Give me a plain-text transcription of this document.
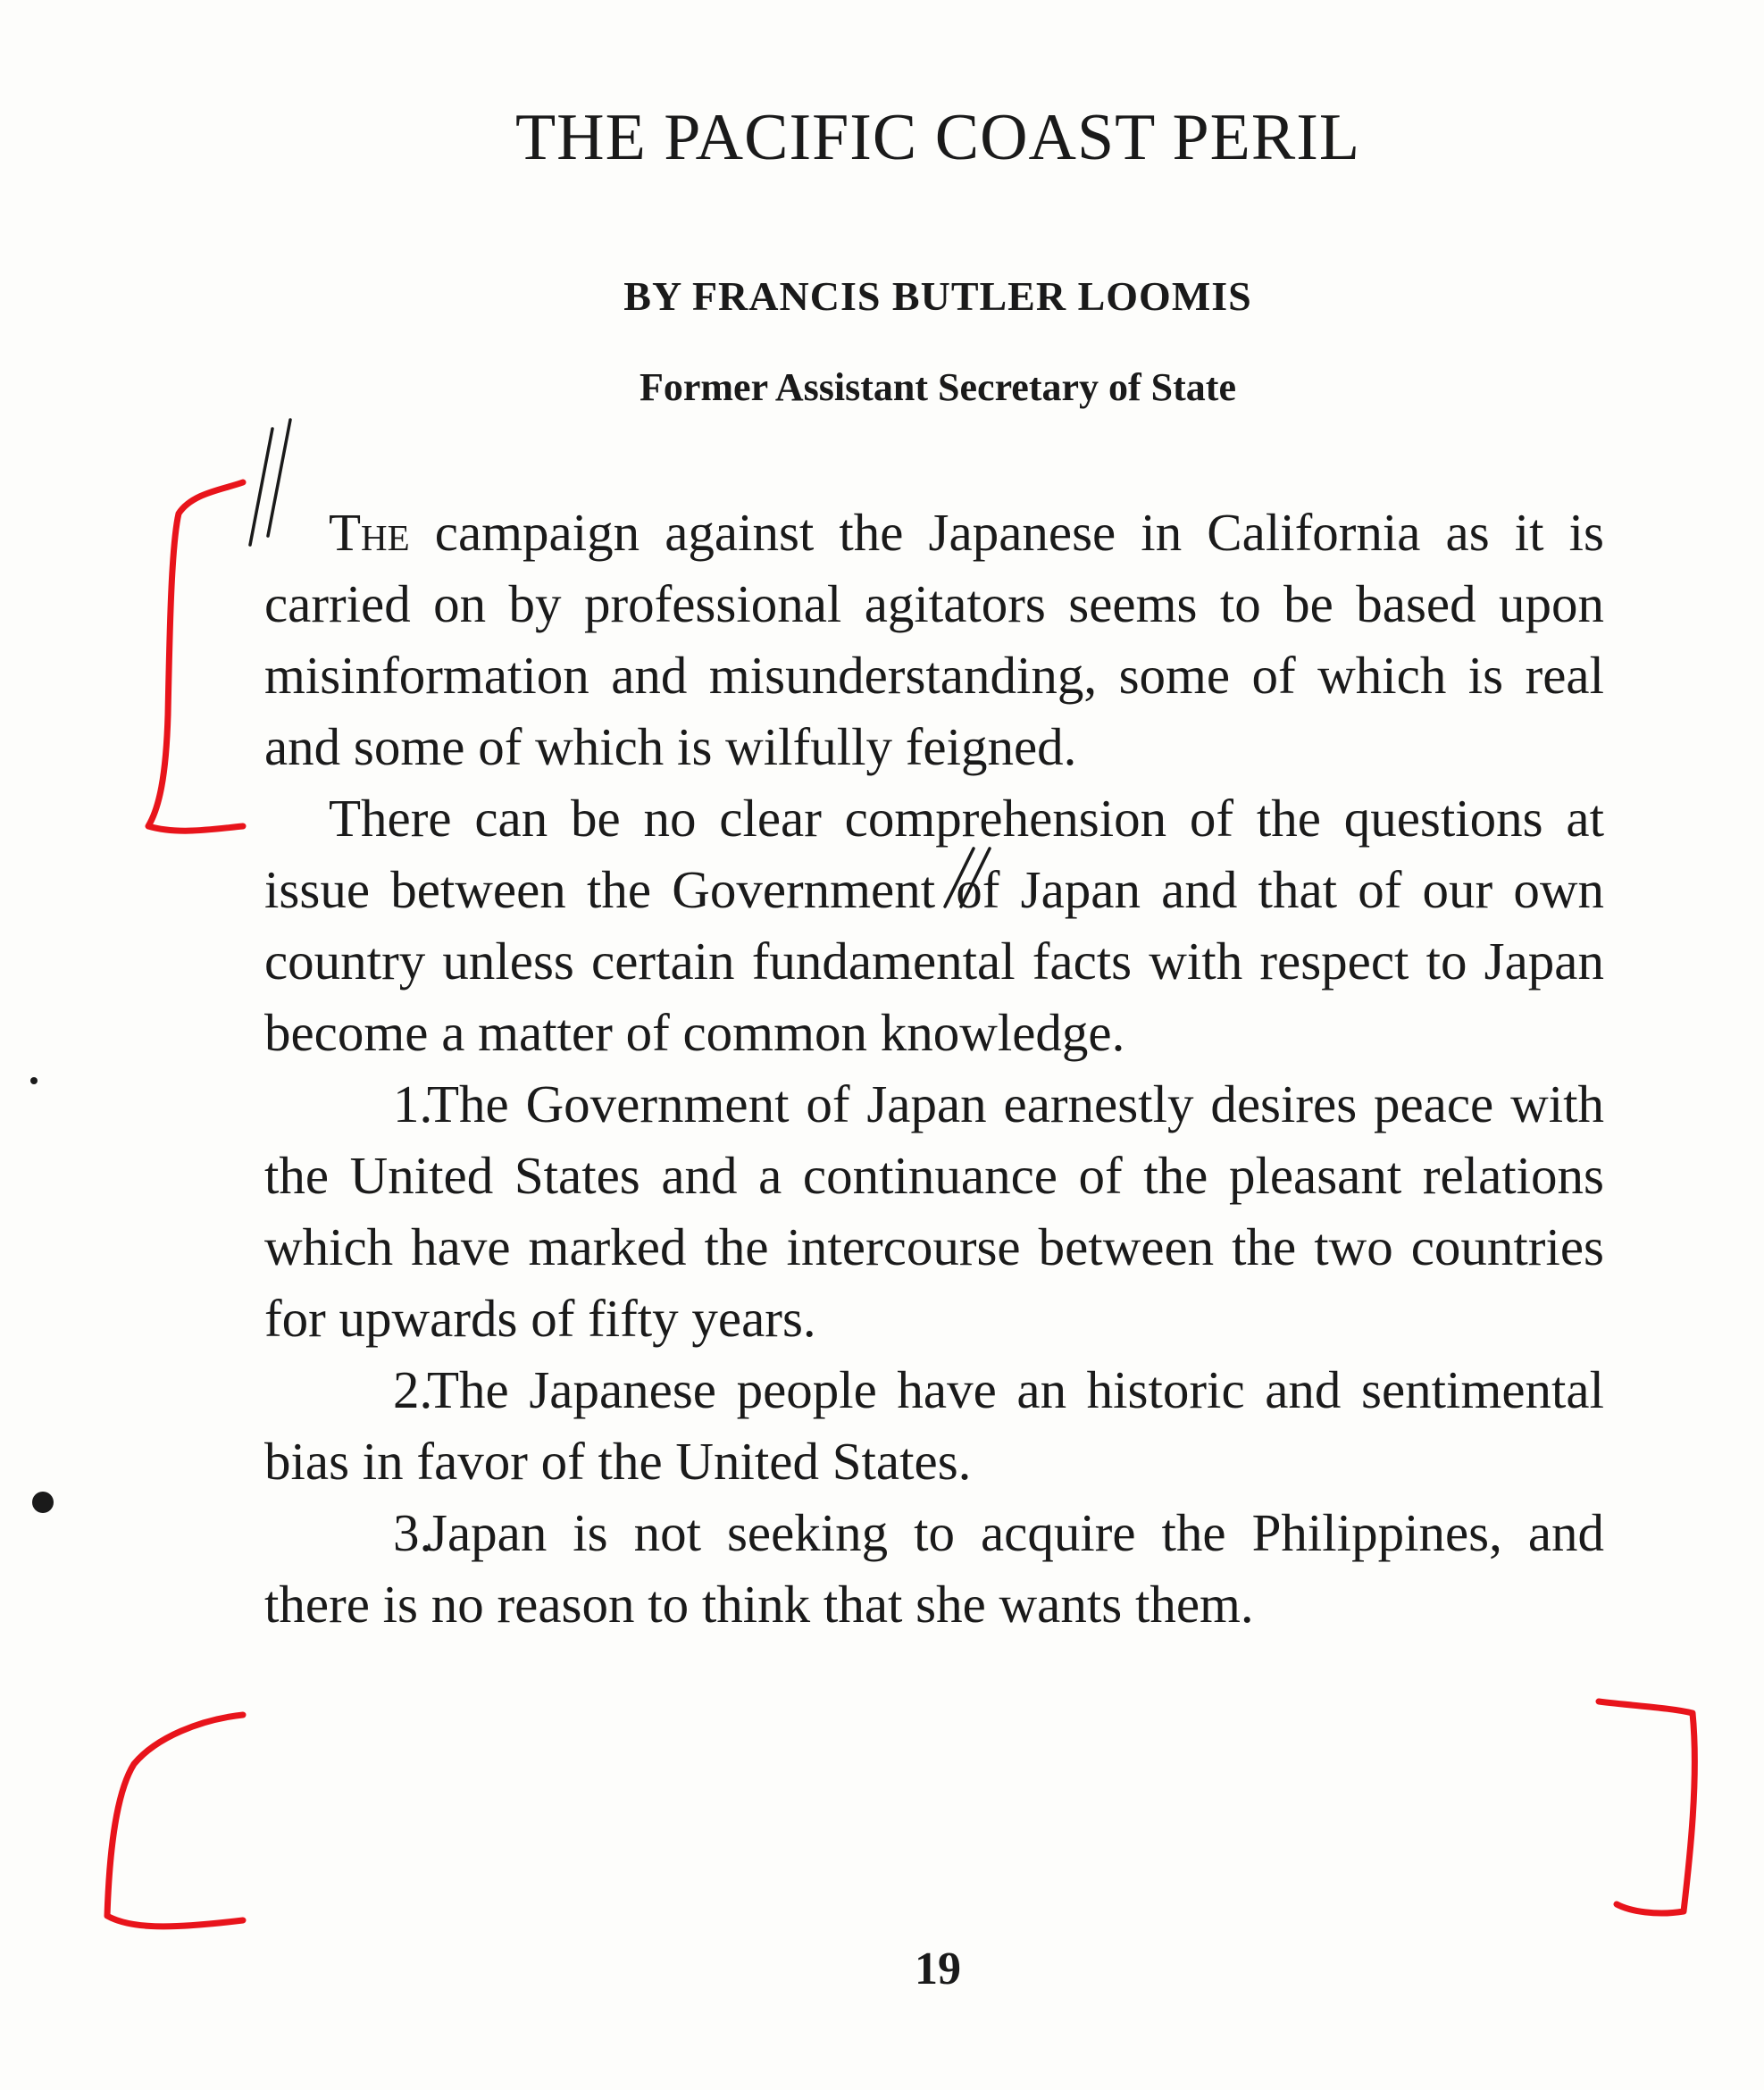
THE PACIFIC COAST PERIL
BY FRANCIS BUTLER LOOMIS
Former Assistant Secretary of State

The campaign against the Japanese in California as it is carried on by professional agitators seems to be based upon misinformation and misunderstanding, some of which is real and some of which is wilfully feigned.

There can be no clear comprehension of the questions at issue between the Government of Japan and that of our own country unless certain fundamental facts with respect to Japan become a matter of common knowledge.

1.The Government of Japan earnestly desires peace with the United States and a continuance of the pleasant relations which have marked the intercourse between the two countries for upwards of fifty years.

2.The Japanese people have an historic and sentimental bias in favor of the United States.

3.Japan is not seeking to acquire the Philippines, and there is no reason to think that she wants them.

19
